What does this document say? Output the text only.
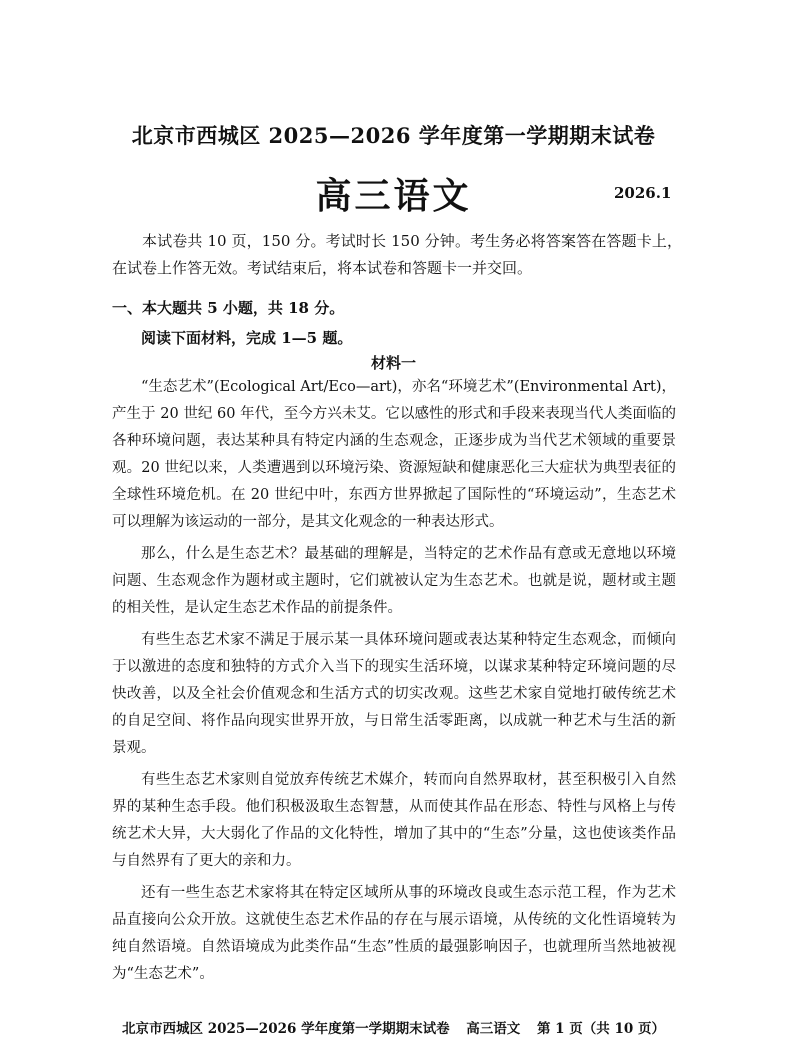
北京市西城区 2025—2026 学年度第一学期期末试卷
高三语文	2026.1

本试卷共 10 页，150 分。考试时长 150 分钟。考生务必将答案答在答题卡上，在试卷上作答无效。考试结束后，将本试卷和答题卡一并交回。

一、本大题共 5 小题，共 18 分。
阅读下面材料，完成 1—5 题。
材料一

“生态艺术”(Ecological Art/Eco—art)，亦名“环境艺术”(Environmental Art)，产生于 20 世纪 60 年代，至今方兴未艾。它以感性的形式和手段来表现当代人类面临的各种环境问题，表达某种具有特定内涵的生态观念，正逐步成为当代艺术领域的重要景观。20 世纪以来，人类遭遇到以环境污染、资源短缺和健康恶化三大症状为典型表征的全球性环境危机。在 20 世纪中叶，东西方世界掀起了国际性的“环境运动”，生态艺术可以理解为该运动的一部分，是其文化观念的一种表达形式。

那么，什么是生态艺术？最基础的理解是，当特定的艺术作品有意或无意地以环境问题、生态观念作为题材或主题时，它们就被认定为生态艺术。也就是说，题材或主题的相关性，是认定生态艺术作品的前提条件。

有些生态艺术家不满足于展示某一具体环境问题或表达某种特定生态观念，而倾向于以激进的态度和独特的方式介入当下的现实生活环境，以谋求某种特定环境问题的尽快改善，以及全社会价值观念和生活方式的切实改观。这些艺术家自觉地打破传统艺术的自足空间、将作品向现实世界开放，与日常生活零距离，以成就一种艺术与生活的新景观。

有些生态艺术家则自觉放弃传统艺术媒介，转而向自然界取材，甚至积极引入自然界的某种生态手段。他们积极汲取生态智慧，从而使其作品在形态、特性与风格上与传统艺术大异，大大弱化了作品的文化特性，增加了其中的“生态”分量，这也使该类作品与自然界有了更大的亲和力。

还有一些生态艺术家将其在特定区域所从事的环境改良或生态示范工程，作为艺术品直接向公众开放。这就使生态艺术作品的存在与展示语境，从传统的文化性语境转为纯自然语境。自然语境成为此类作品“生态”性质的最强影响因子，也就理所当然地被视为“生态艺术”。

北京市西城区 2025—2026 学年度第一学期期末试卷 高三语文 第 1 页（共 10 页）
